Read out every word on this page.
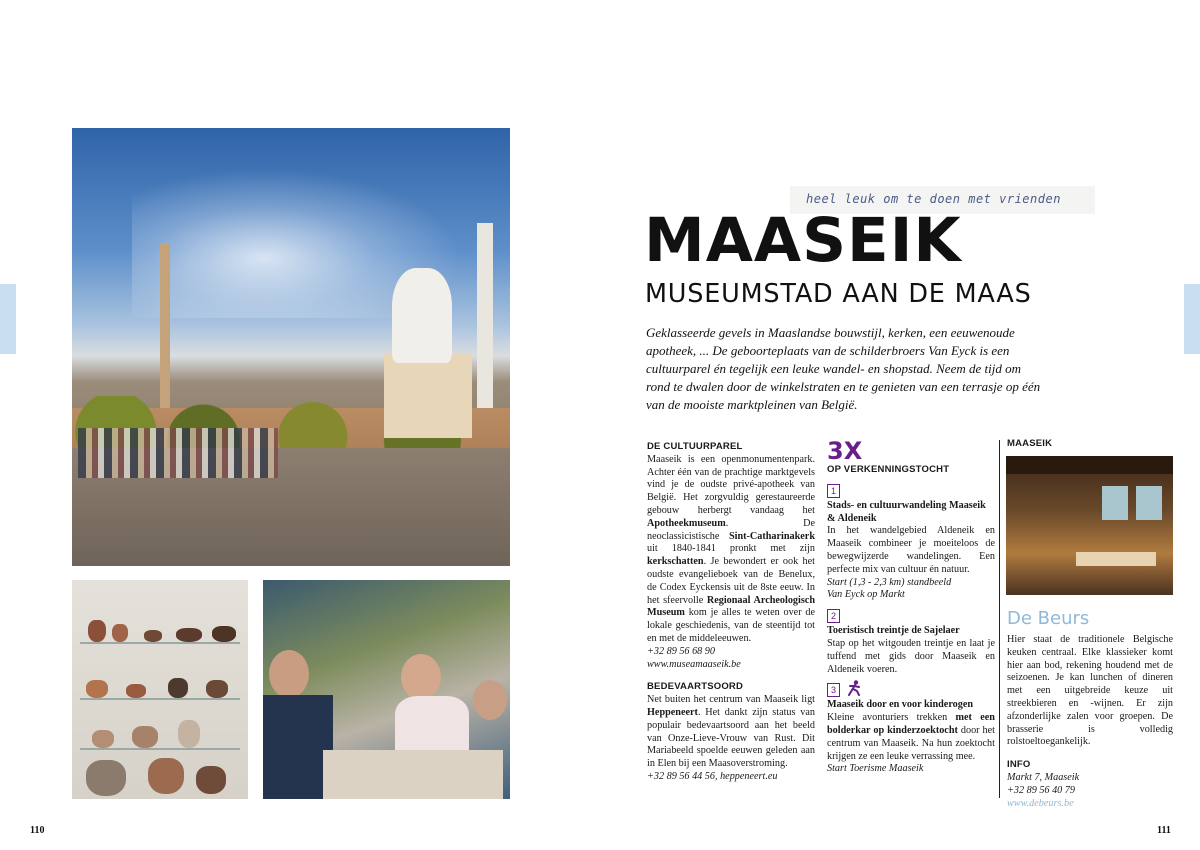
heel leuk om te doen met vrienden
MAASEIK
MUSEUMSTAD AAN DE MAAS
Geklasseerde gevels in Maaslandse bouwstijl, kerken, een eeuwenoude apotheek, ... De geboorteplaats van de schilderbroers Van Eyck is een cultuurparel én tegelijk een leuke wandel- en shopstad. Neem de tijd om rond te dwalen door de winkelstraten en te genieten van een terrasje op één van de mooiste marktpleinen van België.
DE CULTUURPAREL

Maaseik is een openmonumentenpark. Achter één van de prachtige marktgevels vind je de oudste privé-apotheek van België. Het zorgvuldig gerestaureerde gebouw herbergt vandaag het Apotheekmuseum. De neoclassicistische Sint-Catharinakerk uit 1840-1841 pronkt met zijn kerkschatten. Je bewondert er ook het oudste evangelieboek van de Benelux, de Codex Eyckensis uit de 8ste eeuw. In het sfeervolle Regionaal Archeologisch Museum kom je alles te weten over de lokale geschiedenis, van de steentijd tot en met de middeleeuwen.

+32 89 56 68 90
www.museamaaseik.be
BEDEVAARTSOORD

Net buiten het centrum van Maaseik ligt Heppeneert. Het dankt zijn status van populair bedevaartsoord aan het beeld van Onze-Lieve-Vrouw van Rust. Dit Mariabeeld spoelde eeuwen geleden aan in Elen bij een Maasoverstroming.

+32 89 56 44 56, heppeneert.eu
3X
OP VERKENNINGSTOCHT
1
Stads- en cultuurwandeling Maaseik & Aldeneik

In het wandelgebied Aldeneik en Maaseik combineer je moeiteloos de bewegwijzerde wandelingen. Een perfecte mix van cultuur én natuur.

Start (1,3 - 2,3 km) standbeeld
Van Eyck op Markt
2
Toeristisch treintje de Sajelaer

Stap op het witgouden treintje en laat je tuffend met gids door Maaseik en Aldeneik voeren.

3
Maaseik door en voor kinderogen

Kleine avonturiers trekken met een bolderkar op kinderzoektocht door het centrum van Maaseik. Na hun zoektocht krijgen ze een leuke verrassing mee.

Start Toerisme Maaseik
MAASEIK
De Beurs

Hier staat de traditionele Belgische keuken centraal. Elke klassieker komt hier aan bod, rekening houdend met de seizoenen. Je kan lunchen of dineren met een uitgebreide keuze uit streekbieren en -wijnen. Er zijn afzonderlijke zalen voor groepen. De brasserie is volledig rolstoeltoegankelijk.

INFO
Markt 7, Maaseik
+32 89 56 40 79
www.debeurs.be
110	111
